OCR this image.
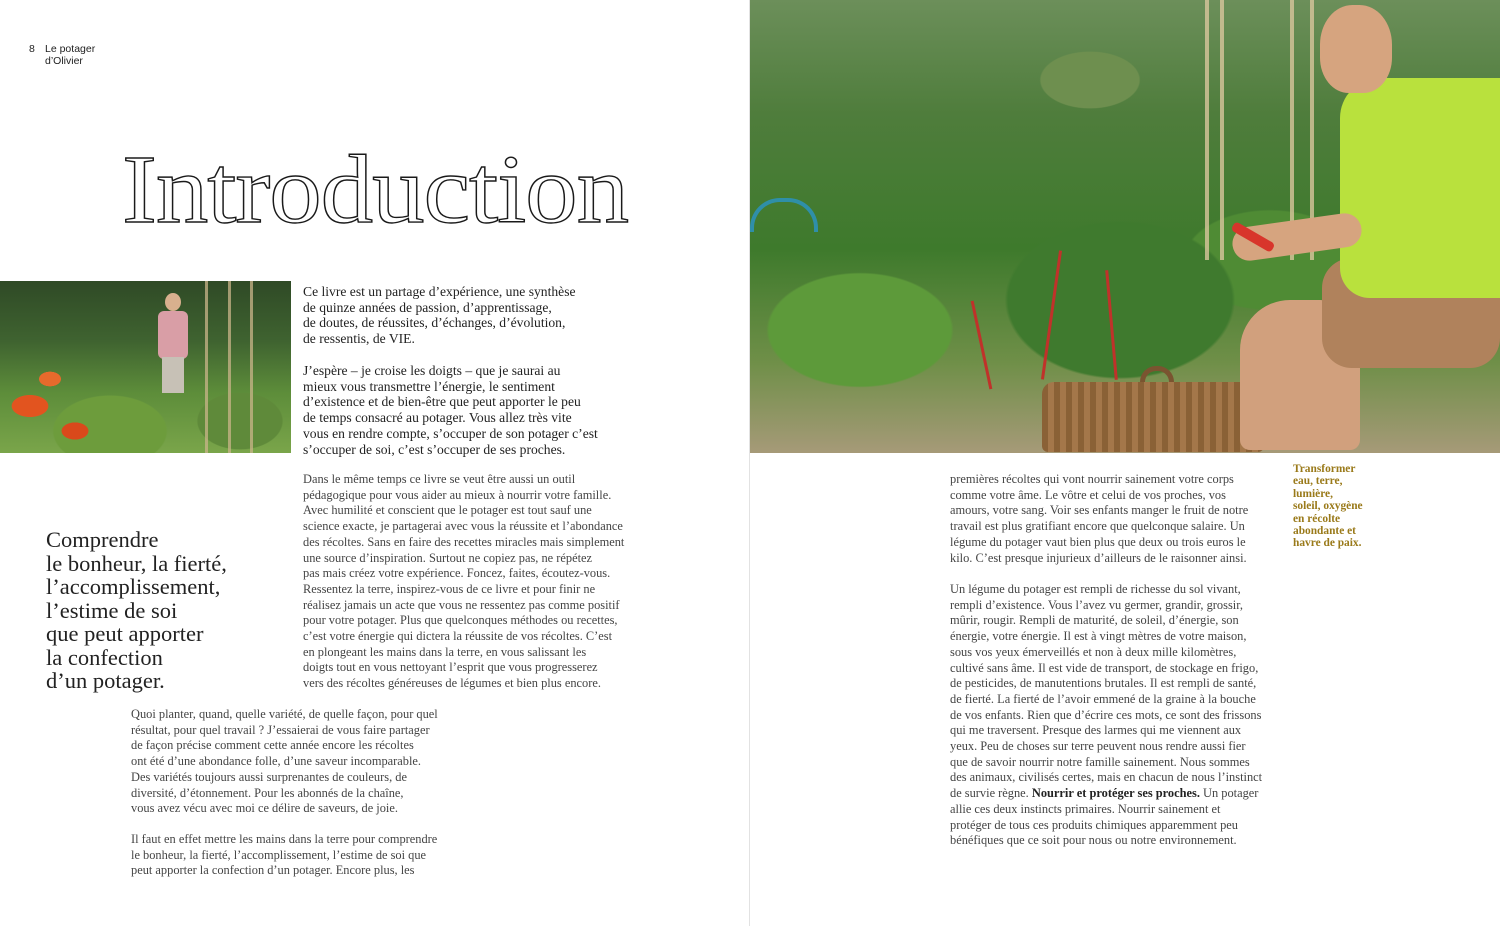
8 Le potager
d’Olivier
Introduction

Ce livre est un partage d’expérience, une synthèse

de quinze années de passion, d’apprentissage,

de doutes, de réussites, d’échanges, d’évolution,

de ressentis, de VIE.

J’espère – je croise les doigts – que je saurai au

mieux vous transmettre l’énergie, le sentiment

d’existence et de bien-être que peut apporter le peu

de temps consacré au potager. Vous allez très vite

vous en rendre compte, s’occuper de son potager c’est

s’occuper de soi, c’est s’occuper de ses proches.

Dans le même temps ce livre se veut être aussi un outil

pédagogique pour vous aider au mieux à nourrir votre famille.

Avec humilité et conscient que le potager est tout sauf une

science exacte, je partagerai avec vous la réussite et l’abondance

des récoltes. Sans en faire des recettes miracles mais simplement

une source d’inspiration. Surtout ne copiez pas, ne répétez

pas mais créez votre expérience. Foncez, faites, écoutez-vous.

Ressentez la terre, inspirez-vous de ce livre et pour finir ne

réalisez jamais un acte que vous ne ressentez pas comme positif

pour votre potager. Plus que quelconques méthodes ou recettes,

c’est votre énergie qui dictera la réussite de vos récoltes. C’est

en plongeant les mains dans la terre, en vous salissant les

doigts tout en vous nettoyant l’esprit que vous progresserez

vers des récoltes généreuses de légumes et bien plus encore.

Comprendre

le bonheur, la fierté,

l’accomplissement,

l’estime de soi

que peut apporter

la confection

d’un potager.

Quoi planter, quand, quelle variété, de quelle façon, pour quel

résultat, pour quel travail ? J’essaierai de vous faire partager

de façon précise comment cette année encore les récoltes

ont été d’une abondance folle, d’une saveur incomparable.

Des variétés toujours aussi surprenantes de couleurs, de

diversité, d’étonnement. Pour les abonnés de la chaîne,

vous avez vécu avec moi ce délire de saveurs, de joie.

Il faut en effet mettre les mains dans la terre pour comprendre

le bonheur, la fierté, l’accomplissement, l’estime de soi que

peut apporter la confection d’un potager. Encore plus, les

premières récoltes qui vont nourrir sainement votre corps

comme votre âme. Le vôtre et celui de vos proches, vos

amours, votre sang. Voir ses enfants manger le fruit de notre

travail est plus gratifiant encore que quelconque salaire. Un

légume du potager vaut bien plus que deux ou trois euros le

kilo. C’est presque injurieux d’ailleurs de le raisonner ainsi.

Un légume du potager est rempli de richesse du sol vivant,

rempli d’existence. Vous l’avez vu germer, grandir, grossir,

mûrir, rougir. Rempli de maturité, de soleil, d’énergie, son

énergie, votre énergie. Il est à vingt mètres de votre maison,

sous vos yeux émerveillés et non à deux mille kilomètres,

cultivé sans âme. Il est vide de transport, de stockage en frigo,

de pesticides, de manutentions brutales. Il est rempli de santé,

de fierté. La fierté de l’avoir emmené de la graine à la bouche

de vos enfants. Rien que d’écrire ces mots, ce sont des frissons

qui me traversent. Presque des larmes qui me viennent aux

yeux. Peu de choses sur terre peuvent nous rendre aussi fier

que de savoir nourrir notre famille sainement. Nous sommes

des animaux, civilisés certes, mais en chacun de nous l’instinct

de survie règne. Nourrir et protéger ses proches. Un potager

allie ces deux instincts primaires. Nourrir sainement et

protéger de tous ces produits chimiques apparemment peu

bénéfiques que ce soit pour nous ou notre environnement.

Transformer

eau, terre,

lumière,

soleil, oxygène

en récolte

abondante et

havre de paix.
